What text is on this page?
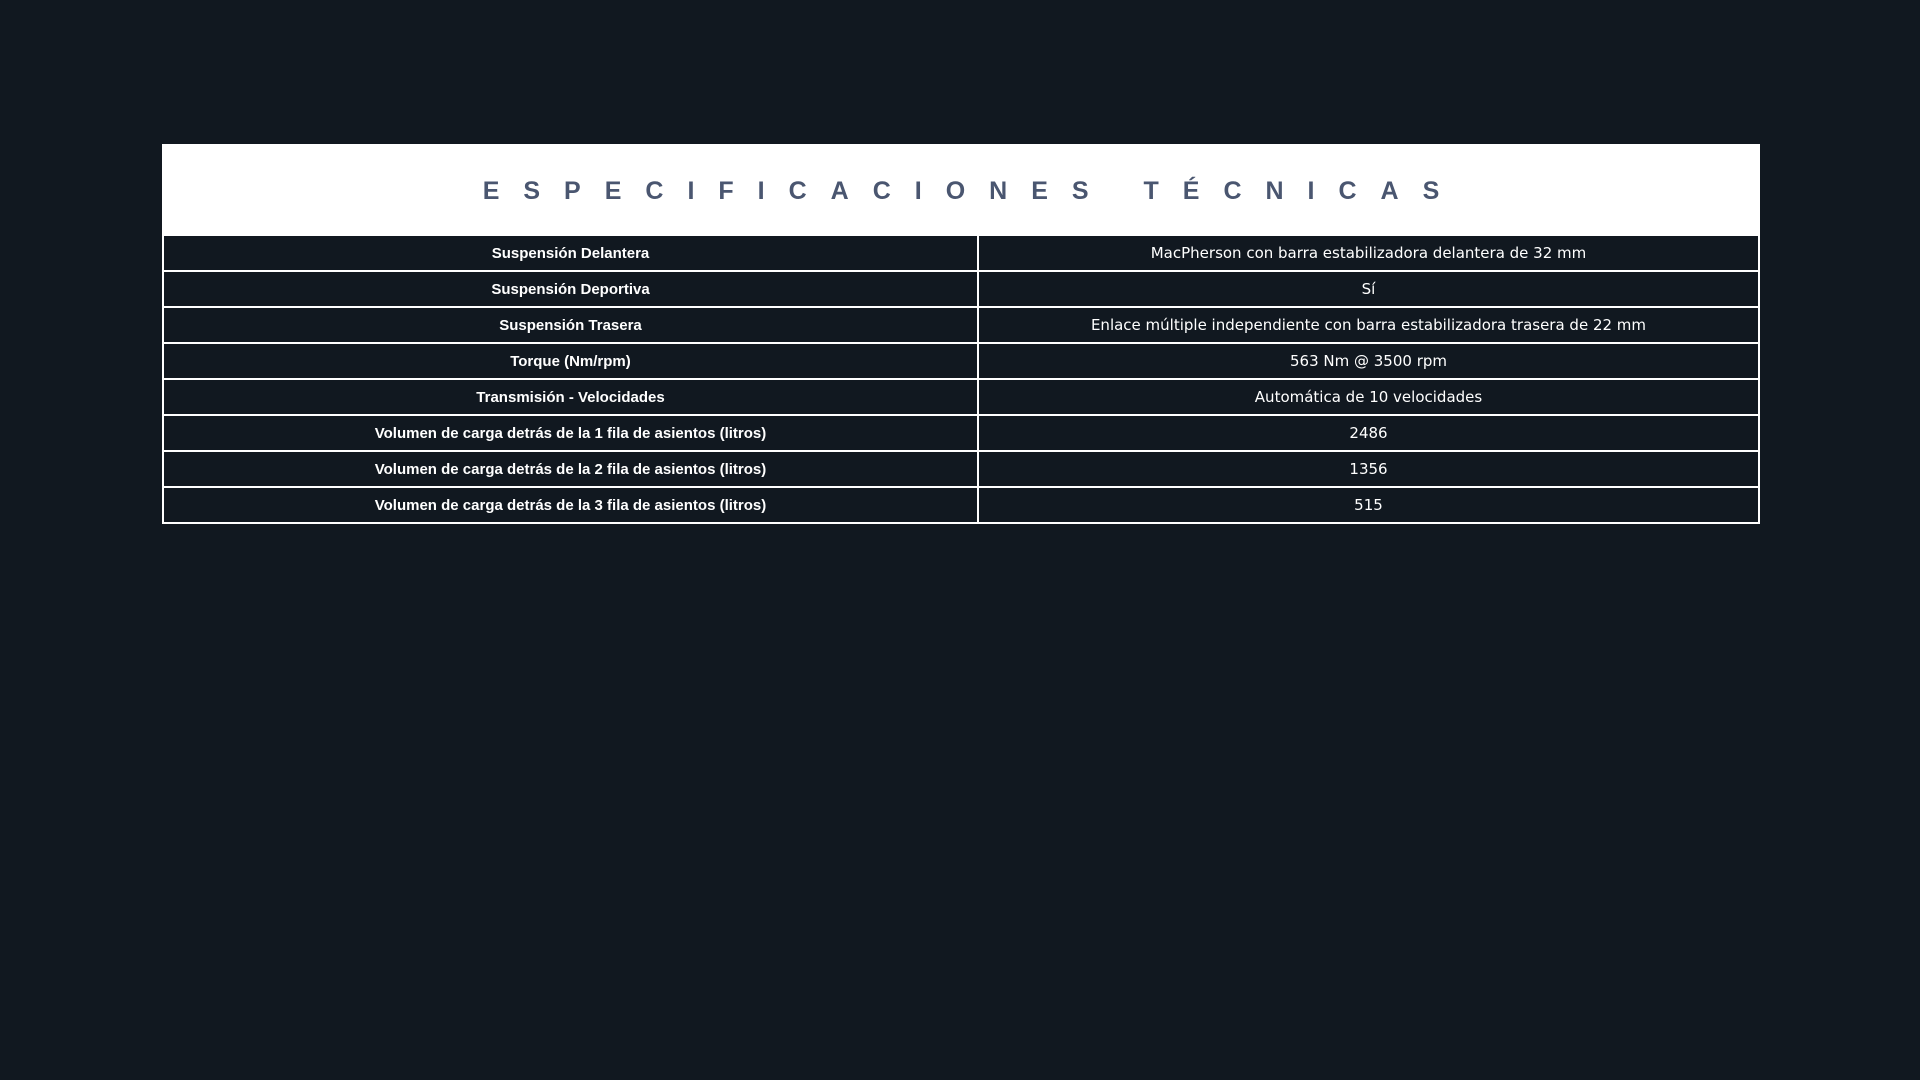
ESPECIFICACIONES TÉCNICAS
Suspensión Delantera	MacPherson con barra estabilizadora delantera de 32 mm
Suspensión Deportiva	Sí
Suspensión Trasera	Enlace múltiple independiente con barra estabilizadora trasera de 22 mm
Torque (Nm/rpm)	563 Nm @ 3500 rpm
Transmisión - Velocidades	Automática de 10 velocidades
Volumen de carga detrás de la 1 fila de asientos (litros)	2486
Volumen de carga detrás de la 2 fila de asientos (litros)	1356
Volumen de carga detrás de la 3 fila de asientos (litros)	515
